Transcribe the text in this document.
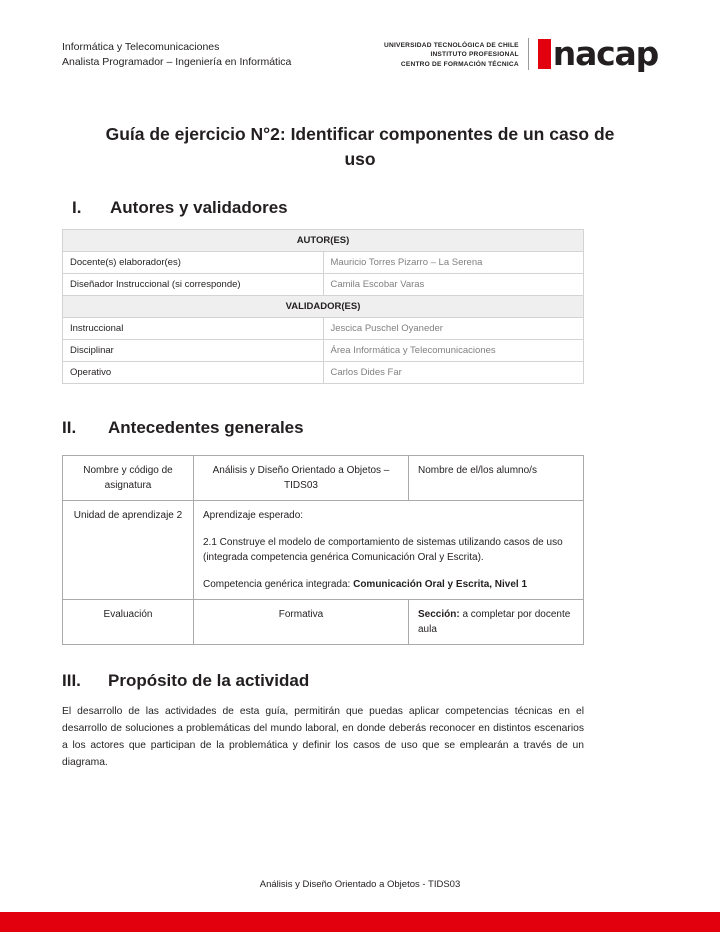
Informática y Telecomunicaciones
Analista Programador – Ingeniería en Informática
UNIVERSIDAD TECNOLÓGICA DE CHILE
INSTITUTO PROFESIONAL
CENTRO DE FORMACIÓN TÉCNICA nacap
Guía de ejercicio N°2: Identificar componentes de un caso de uso
I.	Autores y validadores
AUTOR(ES)	
Docente(s) elaborador(es)	Mauricio Torres Pizarro – La Serena
Diseñador Instruccional (si corresponde)	Camila Escobar Varas
VALIDADOR(ES)	
Instruccional	Jescica Puschel Oyaneder
Disciplinar	Área Informática y Telecomunicaciones
Operativo	Carlos Dides Far
II.	Antecedentes generales
Nombre y código de asignatura	Análisis y Diseño Orientado a Objetos – TIDS03	Nombre de el/los alumno/s
Unidad de aprendizaje 2	Aprendizaje esperado:

2.1 Construye el modelo de comportamiento de sistemas utilizando casos de uso (integrada competencia genérica Comunicación Oral y Escrita).

Competencia genérica integrada: Comunicación Oral y Escrita, Nivel 1	

Evaluación	Formativa	Sección: a completar por docente aula
III.	Propósito de la actividad

El desarrollo de las actividades de esta guía, permitirán que puedas aplicar competencias técnicas en el desarrollo de soluciones a problemáticas del mundo laboral, en donde deberás reconocer en distintos escenarios a los actores que participan de la problemática y definir los casos de uso que se emplearán a través de un diagrama.

Análisis y Diseño Orientado a Objetos - TIDS03
